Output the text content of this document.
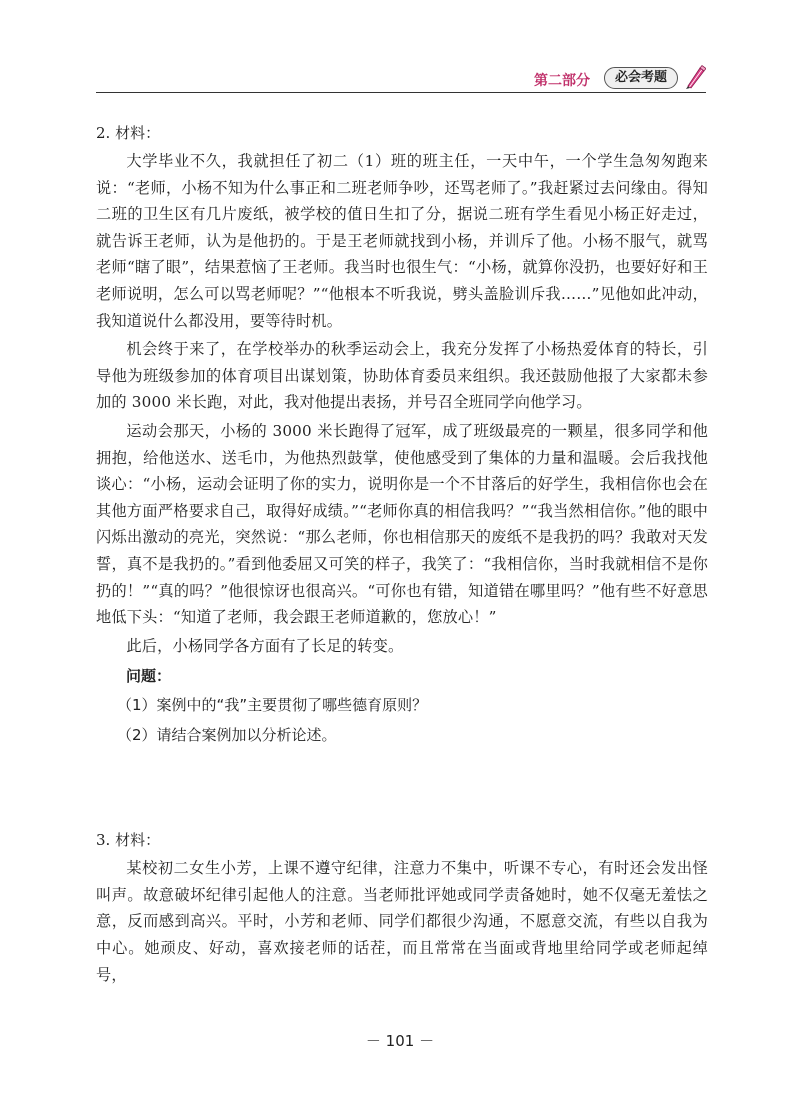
第二部分	必会考题

2. 材料：

大学毕业不久，我就担任了初二（1）班的班主任，一天中午，一个学生急匆匆跑来说：“老师，小杨不知为什么事正和二班老师争吵，还骂老师了。”我赶紧过去问缘由。得知二班的卫生区有几片废纸，被学校的值日生扣了分，据说二班有学生看见小杨正好走过，就告诉王老师，认为是他扔的。于是王老师就找到小杨，并训斥了他。小杨不服气，就骂老师“瞎了眼”，结果惹恼了王老师。我当时也很生气：“小杨，就算你没扔，也要好好和王老师说明，怎么可以骂老师呢？”“他根本不听我说，劈头盖脸训斥我……”见他如此冲动，我知道说什么都没用，要等待时机。

机会终于来了，在学校举办的秋季运动会上，我充分发挥了小杨热爱体育的特长，引导他为班级参加的体育项目出谋划策，协助体育委员来组织。我还鼓励他报了大家都未参加的 3000 米长跑，对此，我对他提出表扬，并号召全班同学向他学习。

运动会那天，小杨的 3000 米长跑得了冠军，成了班级最亮的一颗星，很多同学和他拥抱，给他送水、送毛巾，为他热烈鼓掌，使他感受到了集体的力量和温暖。会后我找他谈心：“小杨，运动会证明了你的实力，说明你是一个不甘落后的好学生，我相信你也会在其他方面严格要求自己，取得好成绩。”“老师你真的相信我吗？”“我当然相信你。”他的眼中闪烁出激动的亮光，突然说：“那么老师，你也相信那天的废纸不是我扔的吗？我敢对天发誓，真不是我扔的。”看到他委屈又可笑的样子，我笑了：“我相信你，当时我就相信不是你扔的！”“真的吗？”他很惊讶也很高兴。“可你也有错，知道错在哪里吗？”他有些不好意思地低下头：“知道了老师，我会跟王老师道歉的，您放心！”

此后，小杨同学各方面有了长足的转变。

问题：

（1）案例中的“我”主要贯彻了哪些德育原则？

（2）请结合案例加以分析论述。

3. 材料：

某校初二女生小芳，上课不遵守纪律，注意力不集中，听课不专心，有时还会发出怪叫声。故意破坏纪律引起他人的注意。当老师批评她或同学责备她时，她不仅毫无羞怯之意，反而感到高兴。平时，小芳和老师、同学们都很少沟通，不愿意交流，有些以自我为中心。她顽皮、好动，喜欢接老师的话茬，而且常常在当面或背地里给同学或老师起绰号，

－ 101 －
